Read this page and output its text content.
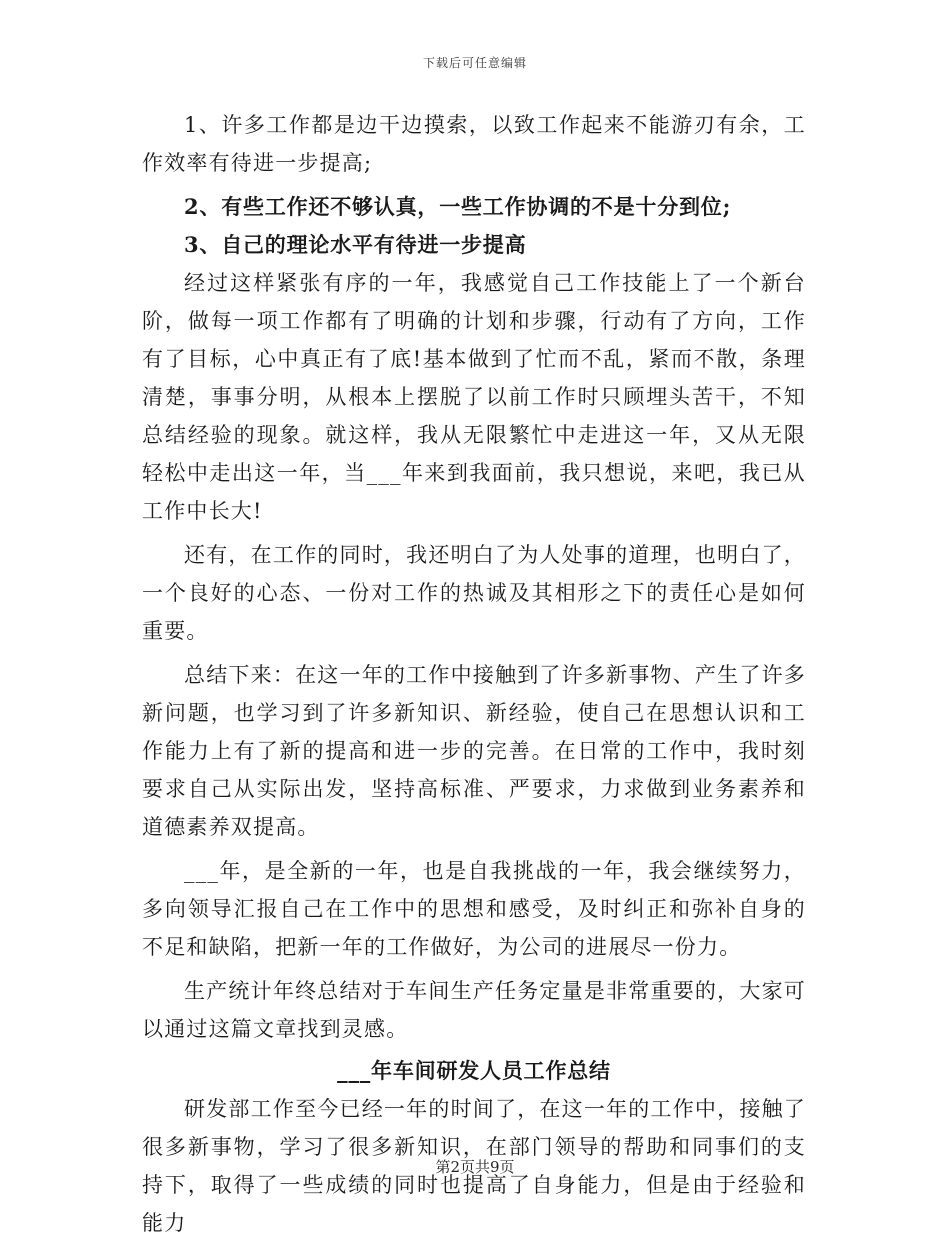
下载后可任意编辑

1、许多工作都是边干边摸索，以致工作起来不能游刃有余，工作效率有待进一步提高;

2、有些工作还不够认真，一些工作协调的不是十分到位;

3、自己的理论水平有待进一步提高

经过这样紧张有序的一年，我感觉自己工作技能上了一个新台阶，做每一项工作都有了明确的计划和步骤，行动有了方向，工作有了目标，心中真正有了底!基本做到了忙而不乱，紧而不散，条理清楚，事事分明，从根本上摆脱了以前工作时只顾埋头苦干，不知总结经验的现象。就这样，我从无限繁忙中走进这一年，又从无限轻松中走出这一年，当___年来到我面前，我只想说，来吧，我已从工作中长大!

还有，在工作的同时，我还明白了为人处事的道理，也明白了，一个良好的心态、一份对工作的热诚及其相形之下的责任心是如何重要。

总结下来：在这一年的工作中接触到了许多新事物、产生了许多新问题，也学习到了许多新知识、新经验，使自己在思想认识和工作能力上有了新的提高和进一步的完善。在日常的工作中，我时刻要求自己从实际出发，坚持高标准、严要求，力求做到业务素养和道德素养双提高。

___年，是全新的一年，也是自我挑战的一年，我会继续努力，多向领导汇报自己在工作中的思想和感受，及时纠正和弥补自身的不足和缺陷，把新一年的工作做好，为公司的进展尽一份力。

生产统计年终总结对于车间生产任务定量是非常重要的，大家可以通过这篇文章找到灵感。

___年车间研发人员工作总结

研发部工作至今已经一年的时间了，在这一年的工作中，接触了很多新事物，学习了很多新知识，在部门领导的帮助和同事们的支持下，取得了一些成绩的同时也提高了自身能力，但是由于经验和能力

第2页共9页
